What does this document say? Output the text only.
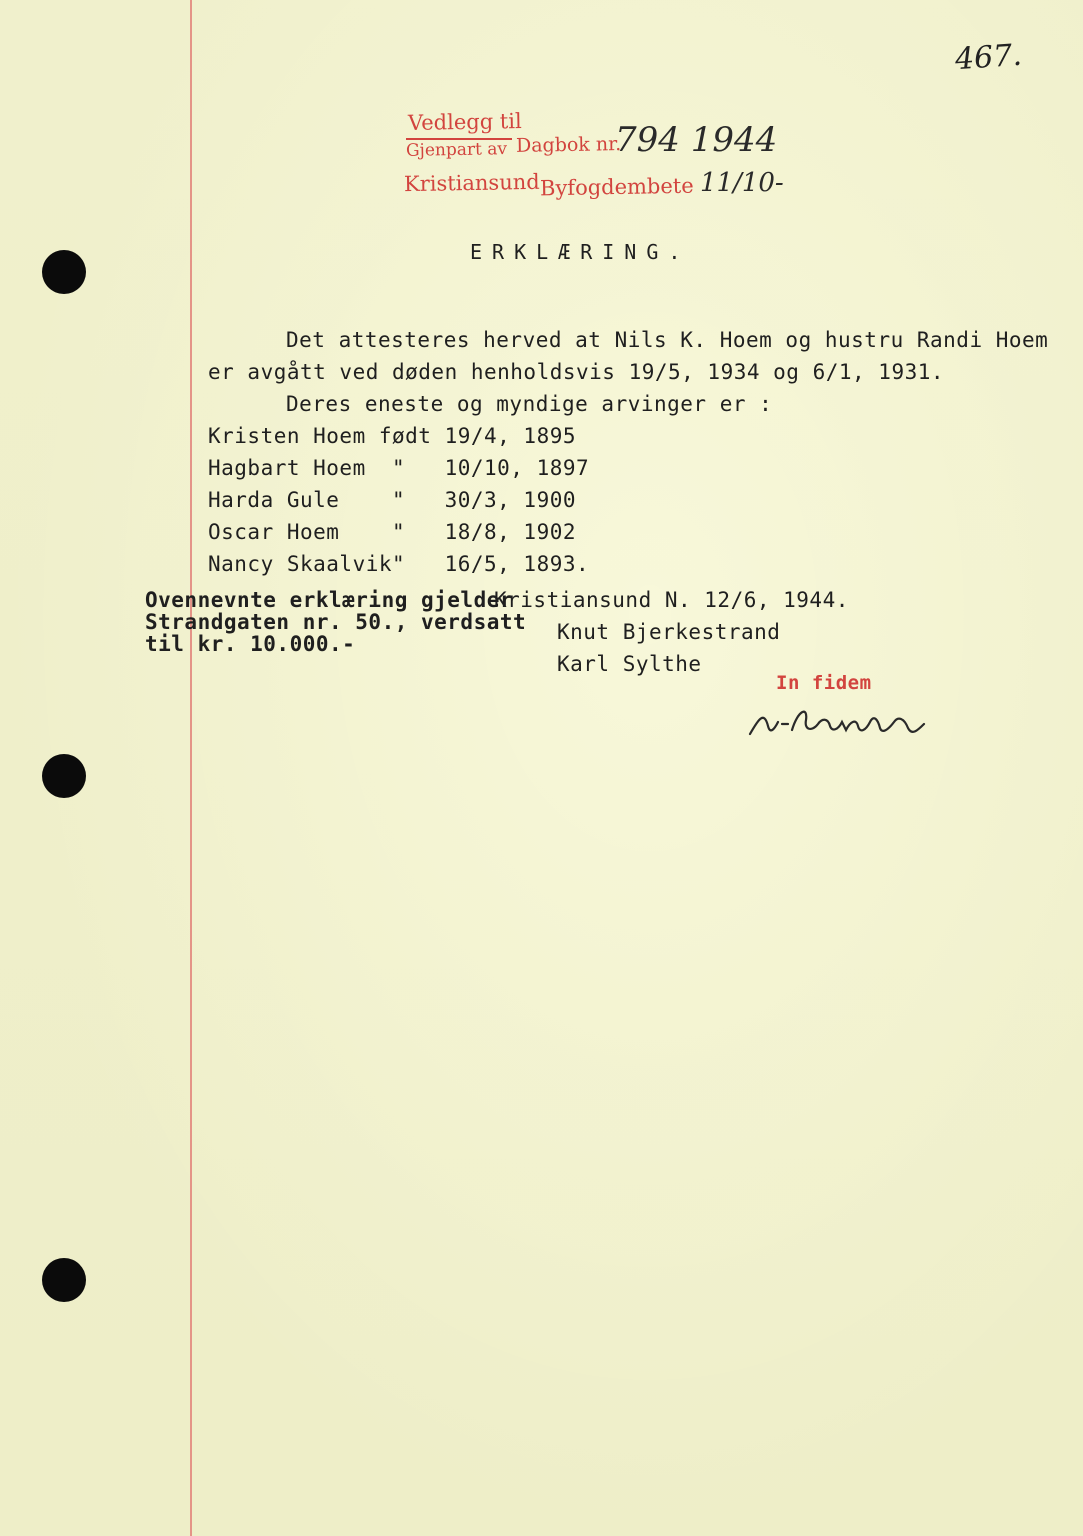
467.
Vedlegg til
Gjenpart av Dagbok nr.
794 1944
Kristiansund Byfogdembete 11/10-
ERKLÆRING.
Det attesteres herved at Nils K. Hoem og hustru Randi Hoem
er avgått ved døden henholdsvis 19/5, 1934 og 6/1, 1931.
Deres eneste og myndige arvinger er :
Kristen Hoem født 19/4, 1895
Hagbart Hoem  "   10/10, 1897
Harda Gule    "   30/3, 1900
Oscar Hoem    "   18/8, 1902
Nancy Skaalvik"   16/5, 1893.
Kristiansund N. 12/6, 1944.
Ovennevnte erklæring gjelder
Strandgaten nr. 50., verdsatt
til kr. 10.000.-	Knut Bjerkestrand
Karl Sylthe
In fidem
